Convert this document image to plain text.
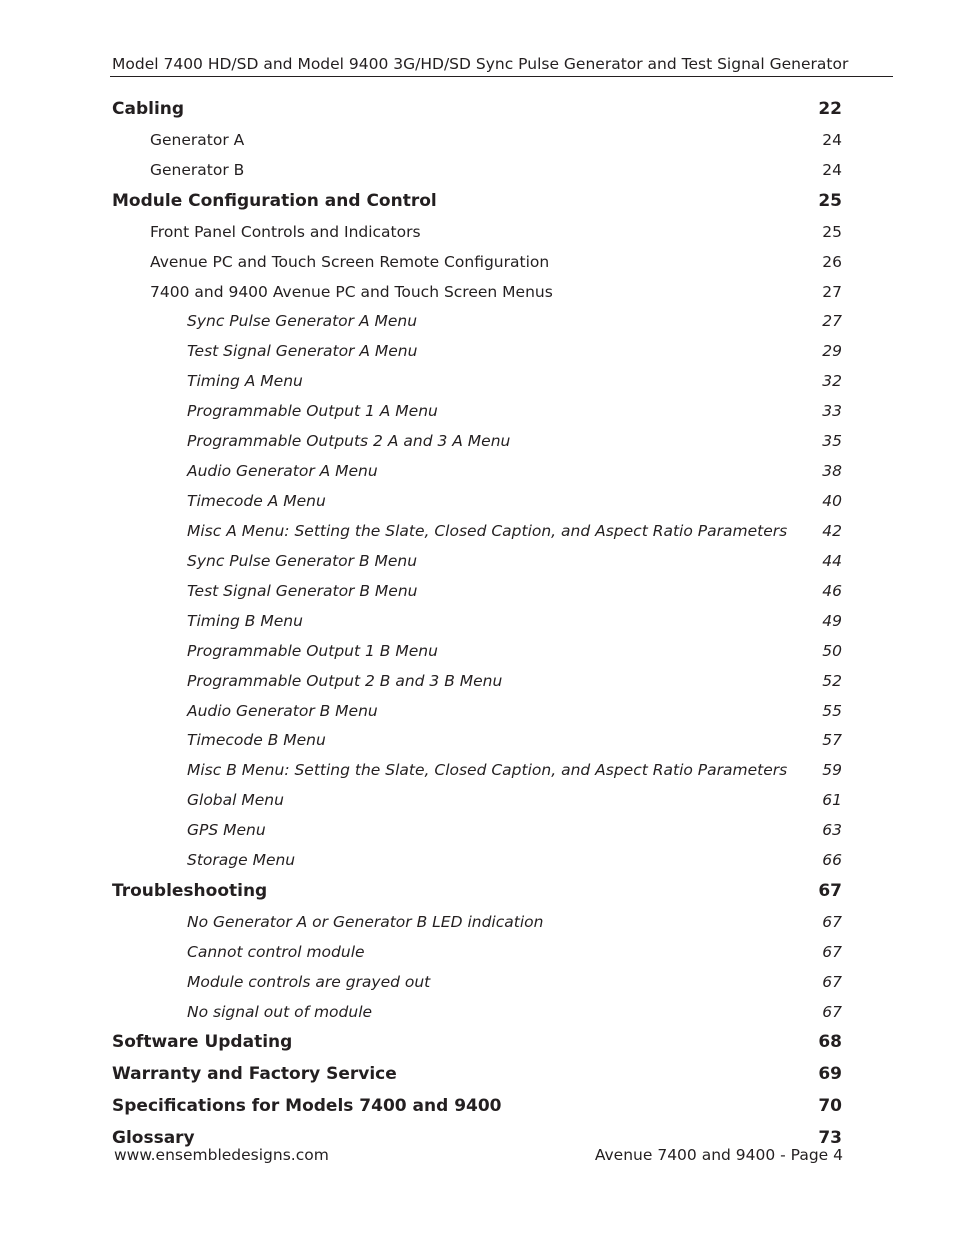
Model 7400 HD/SD and Model 9400 3G/HD/SD Sync Pulse Generator and Test Signal Generator
Cabling	22
Generator A	24
Generator B	24
Module Configuration and Control	25
Front Panel Controls and Indicators	25
Avenue PC and Touch Screen Remote Configuration	26
7400 and 9400 Avenue PC and Touch Screen Menus	27
Sync Pulse Generator A Menu	27
Test Signal Generator A Menu	29
Timing A Menu	32
Programmable Output 1 A Menu	33
Programmable Outputs 2 A and 3 A Menu	35
Audio Generator A Menu	38
Timecode A Menu	40
Misc A Menu: Setting the Slate, Closed Caption, and Aspect Ratio Parameters 42
Sync Pulse Generator B Menu	44
Test Signal Generator B Menu	46
Timing B Menu	49
Programmable Output 1 B Menu	50
Programmable Output 2 B and 3 B Menu	52
Audio Generator B Menu	55
Timecode B Menu	57
Misc B Menu: Setting the Slate, Closed Caption, and Aspect Ratio Parameters 59
Global Menu	61
GPS Menu	63
Storage Menu	66
Troubleshooting	67
No Generator A or Generator B LED indication	67
Cannot control module	67
Module controls are grayed out	67
No signal out of module	67
Software Updating	68
Warranty and Factory Service	69
Specifications for Models 7400 and 9400	70
Glossary	73
www.ensembledesigns.com	Avenue 7400 and 9400 - Page 4
